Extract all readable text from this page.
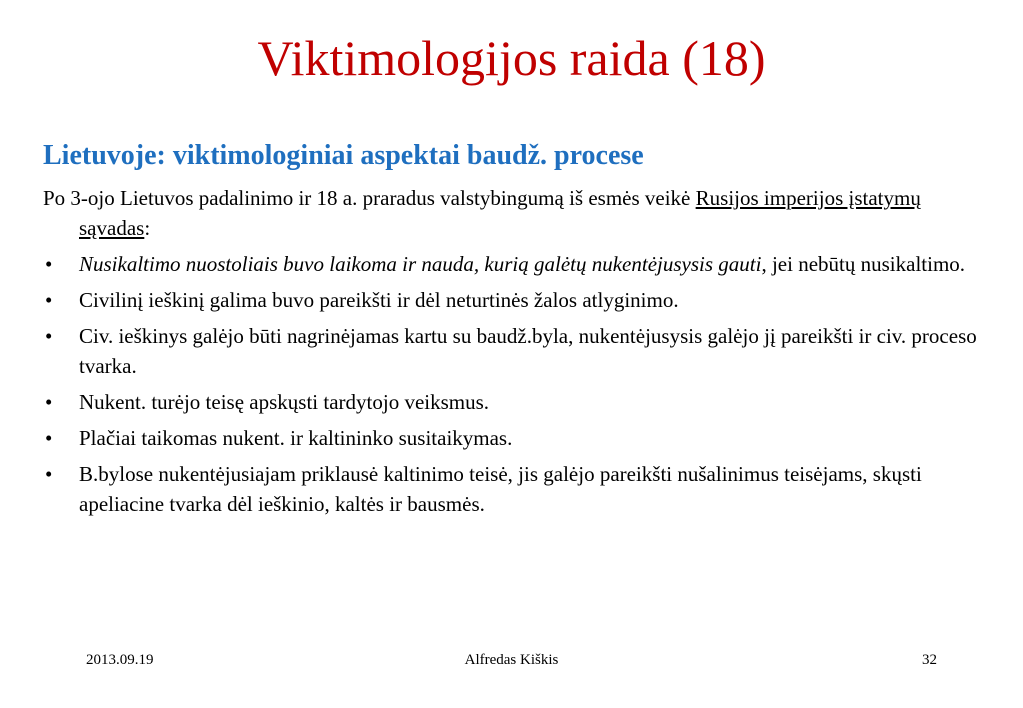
Viktimologijos raida (18)
Lietuvoje: viktimologiniai aspektai baudž. procese

Po 3-ojo Lietuvos padalinimo ir 18 a. praradus valstybingumą iš esmės veikė Rusijos imperijos įstatymų sąvadas:

• Nusikaltimo nuostoliais buvo laikoma ir nauda, kurią galėtų nukentėjusysis gauti, jei nebūtų nusikaltimo.
• Civilinį ieškinį galima buvo pareikšti ir dėl neturtinės žalos atlyginimo.
• Civ. ieškinys galėjo būti nagrinėjamas kartu su baudž.byla, nukentėjusysis galėjo jį pareikšti ir civ. proceso tvarka.
• Nukent. turėjo teisę apskųsti tardytojo veiksmus.
• Plačiai taikomas nukent. ir kaltininko susitaikymas.
• B.bylose nukentėjusiajam priklausė kaltinimo teisė, jis galėjo pareikšti nušalinimus teisėjams, skųsti apeliacine tvarka dėl ieškinio, kaltės ir bausmės.
2013.09.19	Alfredas Kiškis	32
